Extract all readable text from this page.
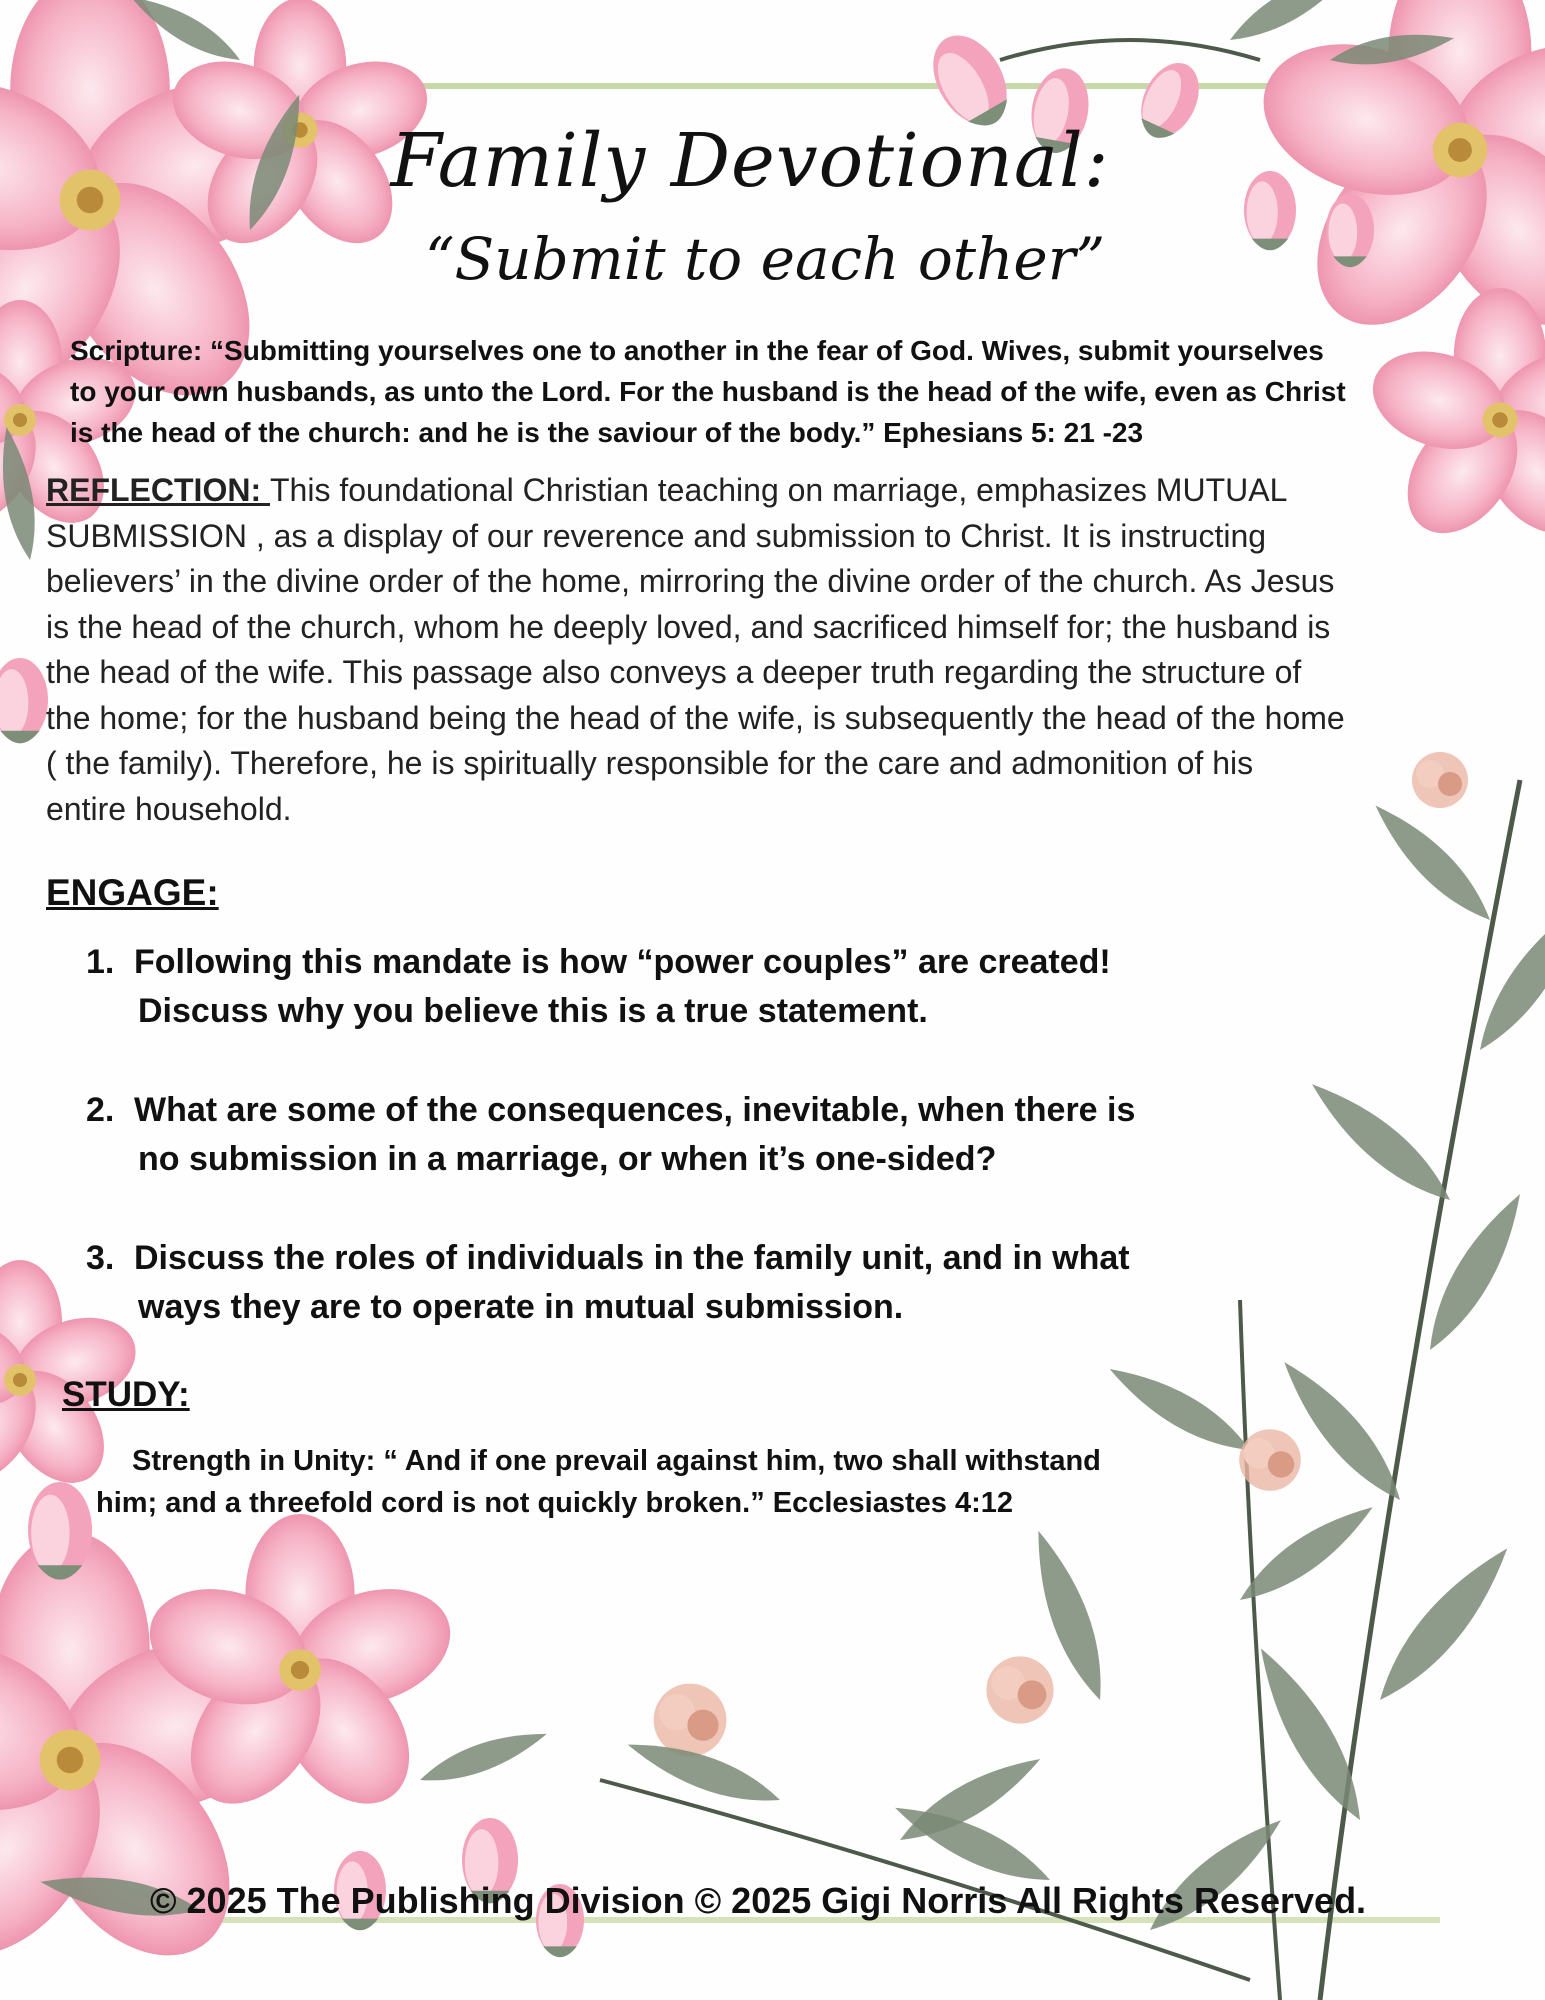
Family Devotional:
“Submit to each other”
Scripture: “Submitting yourselves one to another in the fear of God. Wives, submit yourselves
to your own husbands, as unto the Lord. For the husband is the head of the wife, even as Christ
is the head of the church: and he is the saviour of the body.” Ephesians 5: 21 -23
REFLECTION: This foundational Christian teaching on marriage, emphasizes MUTUAL
SUBMISSION , as a display of our reverence and submission to Christ. It is instructing
believers’ in the divine order of the home, mirroring the divine order of the church. As Jesus
is the head of the church, whom he deeply loved, and sacrificed himself for; the husband is
the head of the wife. This passage also conveys a deeper truth regarding the structure of
the home; for the husband being the head of the wife, is subsequently the head of the home
( the family). Therefore, he is spiritually responsible for the care and admonition of his
entire household.
ENGAGE:
1. Following this mandate is how “power couples” are created!
Discuss why you believe this is a true statement.
2. What are some of the consequences, inevitable, when there is
no submission in a marriage, or when it’s one-sided?
3. Discuss the roles of individuals in the family unit, and in what
ways they are to operate in mutual submission.
STUDY:
Strength in Unity: “ And if one prevail against him, two shall withstand
him; and a threefold cord is not quickly broken.” Ecclesiastes 4:12
© 2025 The Publishing Division © 2025 Gigi Norris All Rights Reserved.
